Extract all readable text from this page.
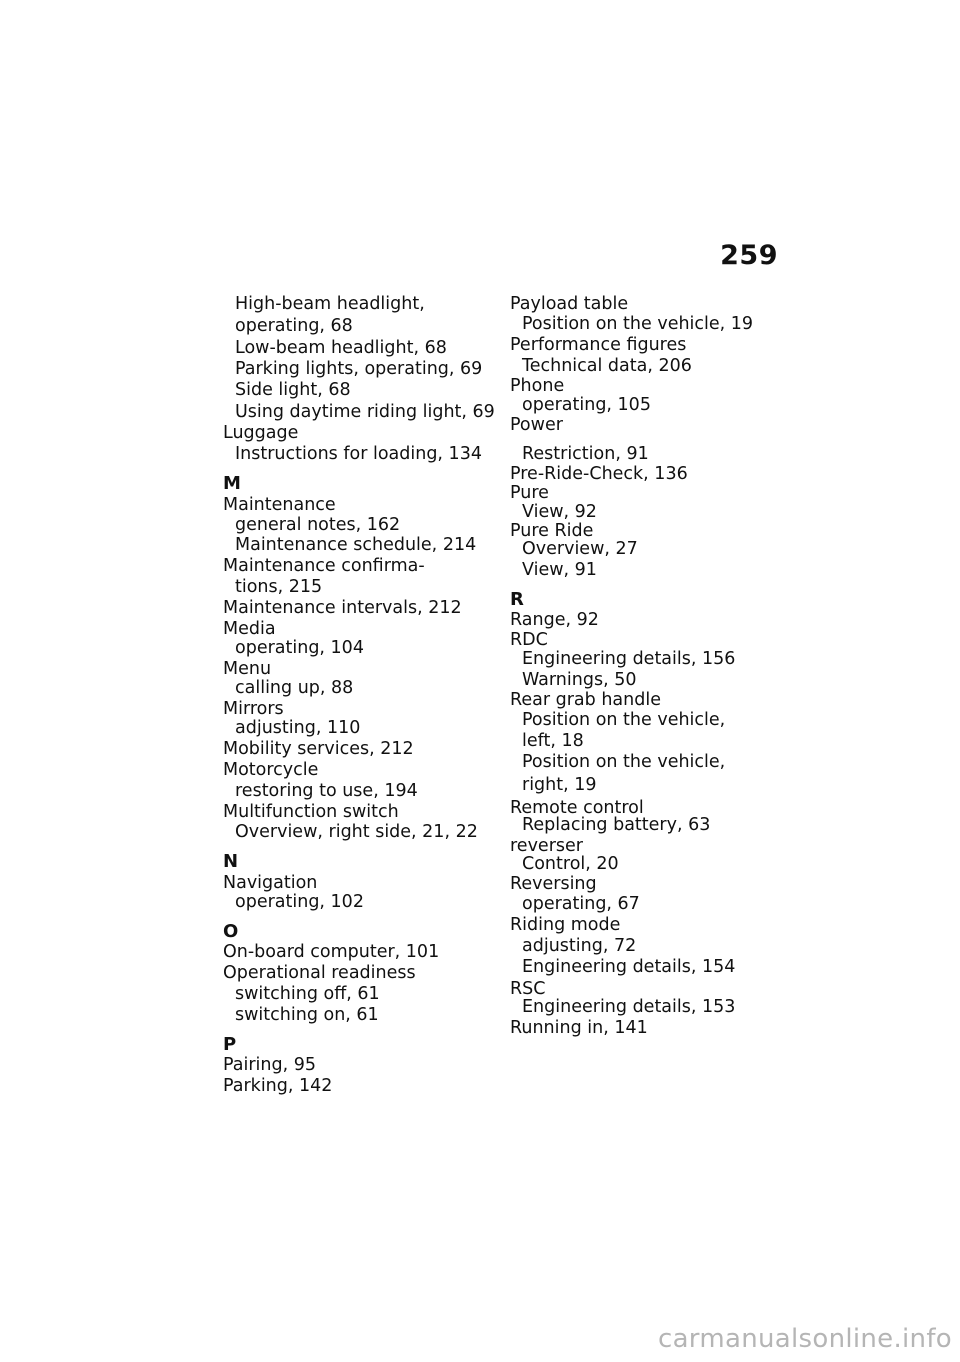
259
High-beam headlight,
operating, 68
Low-beam headlight, 68
Parking lights, operating, 69
Side light, 68
Using daytime riding light, 69
Luggage
Instructions for loading, 134
M
Maintenance
general notes, 162
Maintenance schedule, 214
Maintenance confirma-
tions, 215
Maintenance intervals, 212
Media
operating, 104
Menu
calling up, 88
Mirrors
adjusting, 110
Mobility services, 212
Motorcycle
restoring to use, 194
Multifunction switch
Overview, right side, 21, 22
N
Navigation
operating, 102
O
On-board computer, 101
Operational readiness
switching off, 61
switching on, 61
P
Pairing, 95
Parking, 142
Payload table
Position on the vehicle, 19
Performance figures
Technical data, 206
Phone
operating, 105
Power
Restriction, 91
Pre-Ride-Check, 136
Pure
View, 92
Pure Ride
Overview, 27
View, 91
R
Range, 92
RDC
Engineering details, 156
Warnings, 50
Rear grab handle
Position on the vehicle,
left, 18
Position on the vehicle,
right, 19
Remote control
Replacing battery, 63
reverser
Control, 20
Reversing
operating, 67
Riding mode
adjusting, 72
Engineering details, 154
RSC
Engineering details, 153
Running in, 141
carmanualsonline.info
